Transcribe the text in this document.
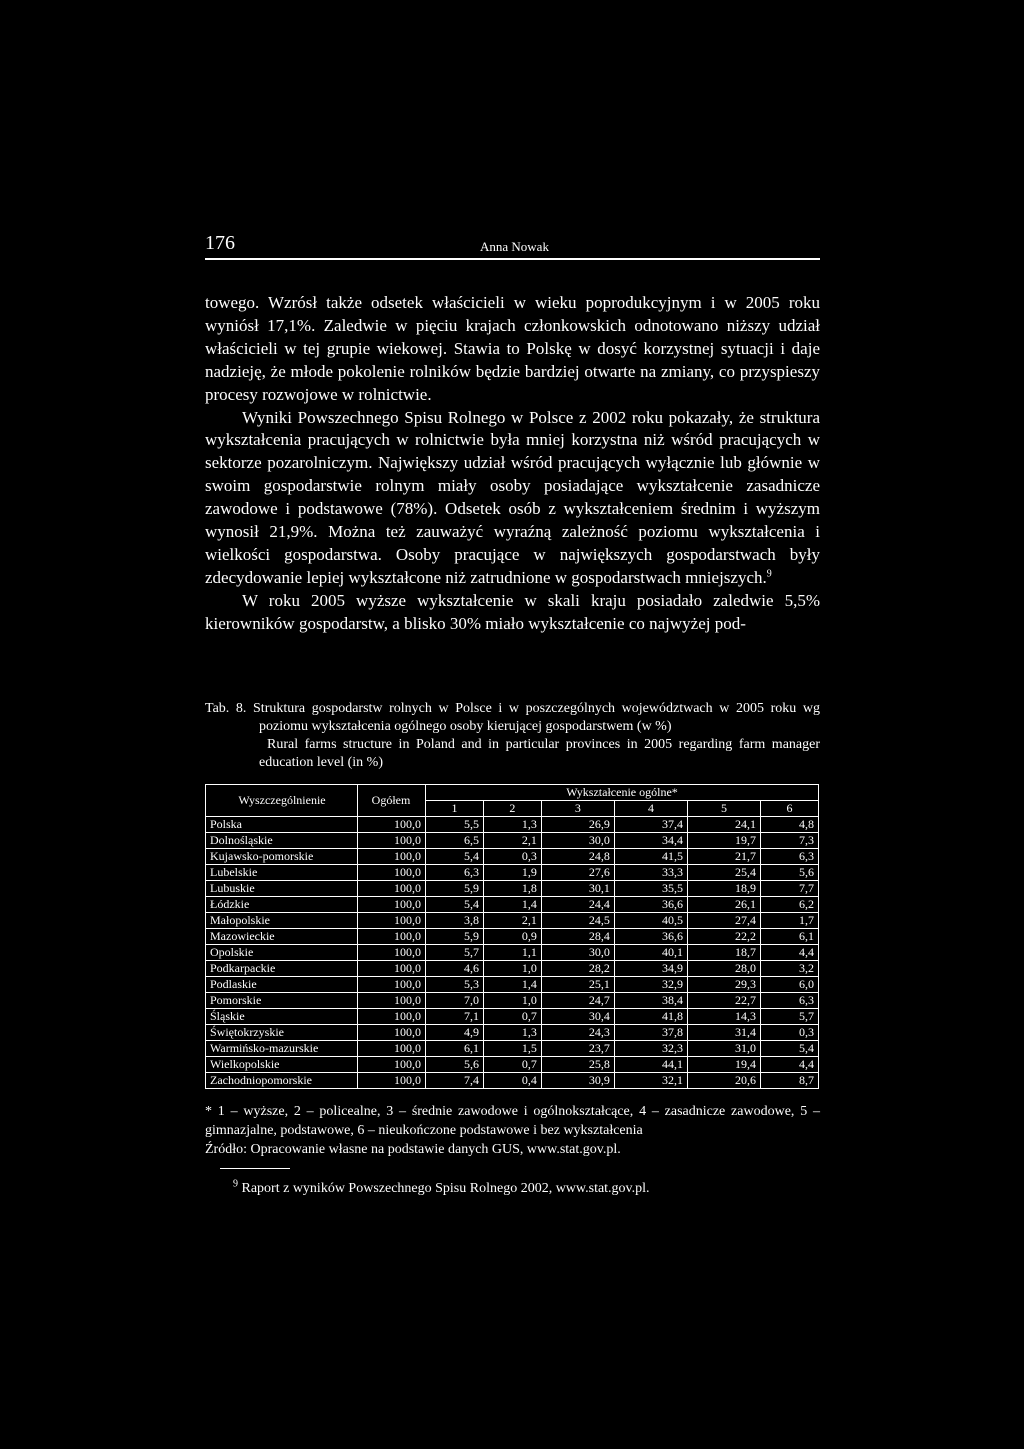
176	Anna Nowak

towego. Wzrósł także odsetek właścicieli w wieku poprodukcyjnym i w 2005 roku wyniósł 17,1%. Zaledwie w pięciu krajach członkowskich odnotowano niższy udział właścicieli w tej grupie wiekowej. Stawia to Polskę w dosyć korzystnej sytuacji i daje nadzieję, że młode pokolenie rolników będzie bardziej otwarte na zmiany, co przyspieszy procesy rozwojowe w rolnictwie.

Wyniki Powszechnego Spisu Rolnego w Polsce z 2002 roku pokazały, że struktura wykształcenia pracujących w rolnictwie była mniej korzystna niż wśród pracujących w sektorze pozarolniczym. Największy udział wśród pracujących wyłącznie lub głównie w swoim gospodarstwie rolnym miały osoby posiadające wykształcenie zasadnicze zawodowe i podstawowe (78%). Odsetek osób z wykształceniem średnim i wyższym wynosił 21,9%. Można też zauważyć wyraźną zależność poziomu wykształcenia i wielkości gospodarstwa. Osoby pracujące w największych gospodarstwach były zdecydowanie lepiej wykształcone niż zatrudnione w gospodarstwach mniejszych.$^9$

W roku 2005 wyższe wykształcenie w skali kraju posiadało zaledwie 5,5% kierowników gospodarstw, a blisko 30% miało wykształcenie co najwyżej pod-

Tab. 8. Struktura gospodarstw rolnych w Polsce i w poszczególnych województwach w 2005 roku wg poziomu wykształcenia ogólnego osoby kierującej gospodarstwem (w %)
Rural farms structure in Poland and in particular provinces in 2005 regarding farm manager education level (in %)
Wyszczególnienie	Ogółem	Wykształcenie ogólne*					
		1	2	3	4	5	6
Polska	100,0	5,5	1,3	26,9	37,4	24,1	4,8
Dolnośląskie	100,0	6,5	2,1	30,0	34,4	19,7	7,3
Kujawsko-pomorskie	100,0	5,4	0,3	24,8	41,5	21,7	6,3
Lubelskie	100,0	6,3	1,9	27,6	33,3	25,4	5,6
Lubuskie	100,0	5,9	1,8	30,1	35,5	18,9	7,7
Łódzkie	100,0	5,4	1,4	24,4	36,6	26,1	6,2
Małopolskie	100,0	3,8	2,1	24,5	40,5	27,4	1,7
Mazowieckie	100,0	5,9	0,9	28,4	36,6	22,2	6,1
Opolskie	100,0	5,7	1,1	30,0	40,1	18,7	4,4
Podkarpackie	100,0	4,6	1,0	28,2	34,9	28,0	3,2
Podlaskie	100,0	5,3	1,4	25,1	32,9	29,3	6,0
Pomorskie	100,0	7,0	1,0	24,7	38,4	22,7	6,3
Śląskie	100,0	7,1	0,7	30,4	41,8	14,3	5,7
Świętokrzyskie	100,0	4,9	1,3	24,3	37,8	31,4	0,3
Warmińsko-mazurskie	100,0	6,1	1,5	23,7	32,3	31,0	5,4
Wielkopolskie	100,0	5,6	0,7	25,8	44,1	19,4	4,4
Zachodniopomorskie	100,0	7,4	0,4	30,9	32,1	20,6	8,7
* 1 – wyższe, 2 – policealne, 3 – średnie zawodowe i ogólnokształcące, 4 – zasadnicze zawodowe, 5 – gimnazjalne, podstawowe, 6 – nieukończone podstawowe i bez wykształcenia
Źródło: Opracowanie własne na podstawie danych GUS, www.stat.gov.pl.
$^9$ Raport z wyników Powszechnego Spisu Rolnego 2002, www.stat.gov.pl.
